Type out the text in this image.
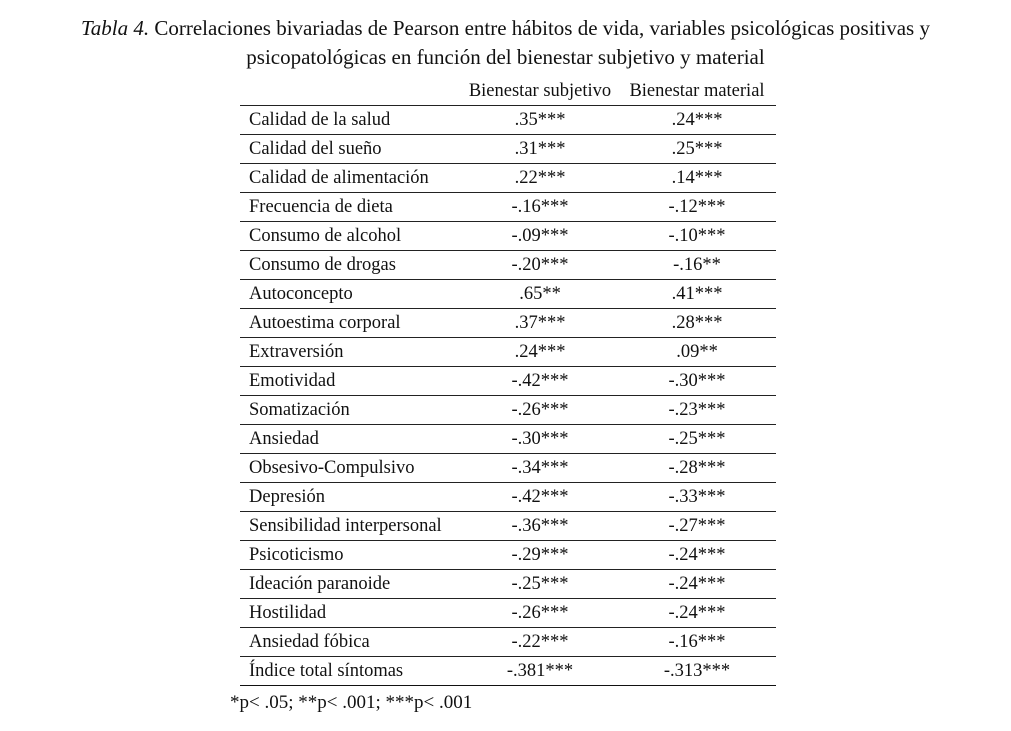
Tabla 4. Correlaciones bivariadas de Pearson entre hábitos de vida, variables psicológicas positivas y
psicopatológicas en función del bienestar subjetivo y material
	Bienestar subjetivo	Bienestar material
Calidad de la salud	.35***	.24***
Calidad del sueño	.31***	.25***
Calidad de alimentación	.22***	.14***
Frecuencia de dieta	-.16***	-.12***
Consumo de alcohol	-.09***	-.10***
Consumo de drogas	-.20***	-.16**
Autoconcepto	.65**	.41***
Autoestima corporal	.37***	.28***
Extraversión	.24***	.09**
Emotividad	-.42***	-.30***
Somatización	-.26***	-.23***
Ansiedad	-.30***	-.25***
Obsesivo-Compulsivo	-.34***	-.28***
Depresión	-.42***	-.33***
Sensibilidad interpersonal	-.36***	-.27***
Psicoticismo	-.29***	-.24***
Ideación paranoide	-.25***	-.24***
Hostilidad	-.26***	-.24***
Ansiedad fóbica	-.22***	-.16***
Índice total síntomas	-.381***	-.313***
*p< .05; **p< .001; ***p< .001
